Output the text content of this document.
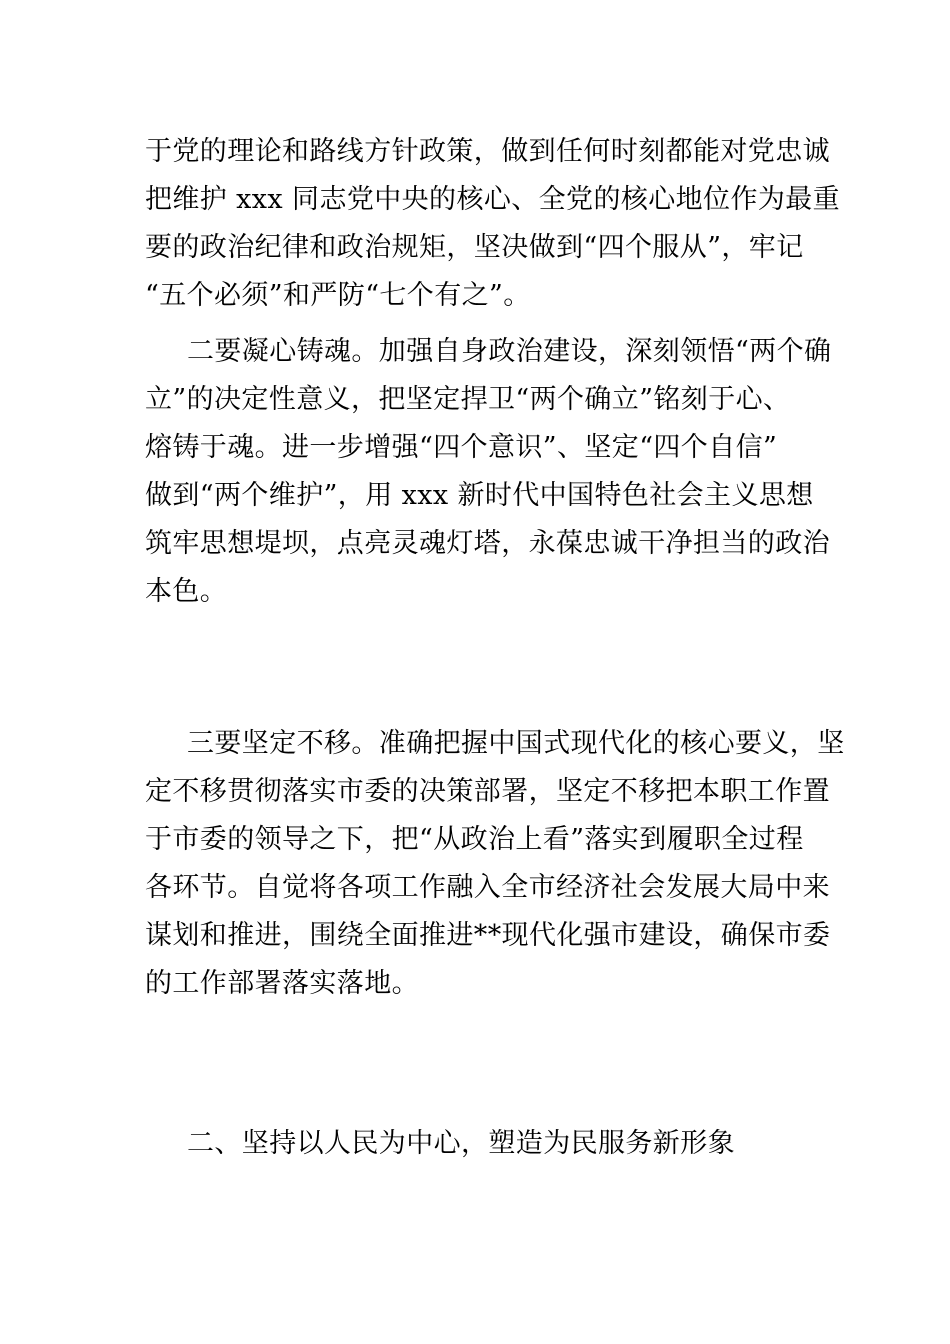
于党的理论和路线方针政策，做到任何时刻都能对党忠诚
把维护 xxx 同志党中央的核心、全党的核心地位作为最重
要的政治纪律和政治规矩，坚决做到“四个服从”，牢记
“五个必须”和严防“七个有之”。
二要凝心铸魂。加强自身政治建设，深刻领悟“两个确
立”的决定性意义，把坚定捍卫“两个确立”铭刻于心、
熔铸于魂。进一步增强“四个意识”、坚定“四个自信”
做到“两个维护”，用 xxx 新时代中国特色社会主义思想
筑牢思想堤坝，点亮灵魂灯塔，永葆忠诚干净担当的政治
本色。
三要坚定不移。准确把握中国式现代化的核心要义，坚
定不移贯彻落实市委的决策部署，坚定不移把本职工作置
于市委的领导之下，把“从政治上看”落实到履职全过程
各环节。自觉将各项工作融入全市经济社会发展大局中来
谋划和推进，围绕全面推进**现代化强市建设，确保市委
的工作部署落实落地。
二、坚持以人民为中心，塑造为民服务新形象
